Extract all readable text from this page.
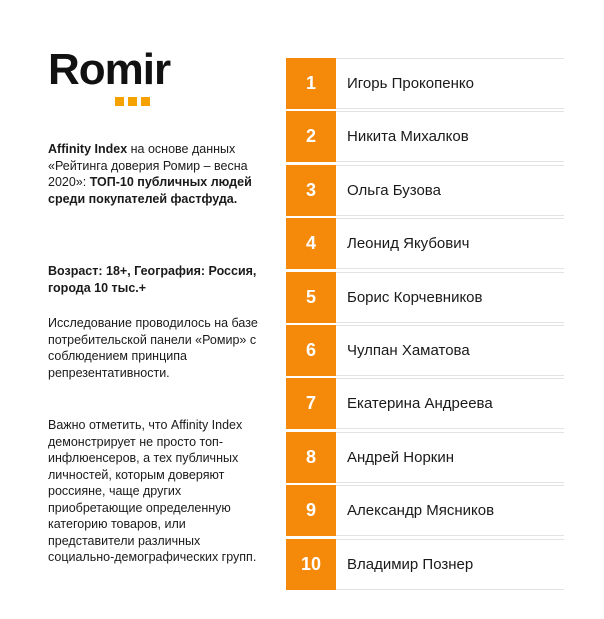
Romir

Affinity Index на основе данных «Рейтинга доверия Ромир – весна 2020»: ТОП-10 публичных людей среди покупателей фастфуда.

Возраст: 18+, География: Россия, города 10 тыс.+

Исследование проводилось на базе потребительской панели «Ромир» с соблюдением принципа репрезентативности.

Важно отметить, что Affinity Index демонстрирует не просто топ-инфлюенсеров, а тех публичных личностей, которым доверяют россияне, чаще других приобретающие определенную категорию товаров, или представители различных социально-демографических групп.

1	Игорь Прокопенко
2	Никита Михалков
3	Ольга Бузова
4	Леонид Якубович
5	Борис Корчевников
6	Чулпан Хаматова
7	Екатерина Андреева
8	Андрей Норкин
9	Александр Мясников
10	Владимир Познер
